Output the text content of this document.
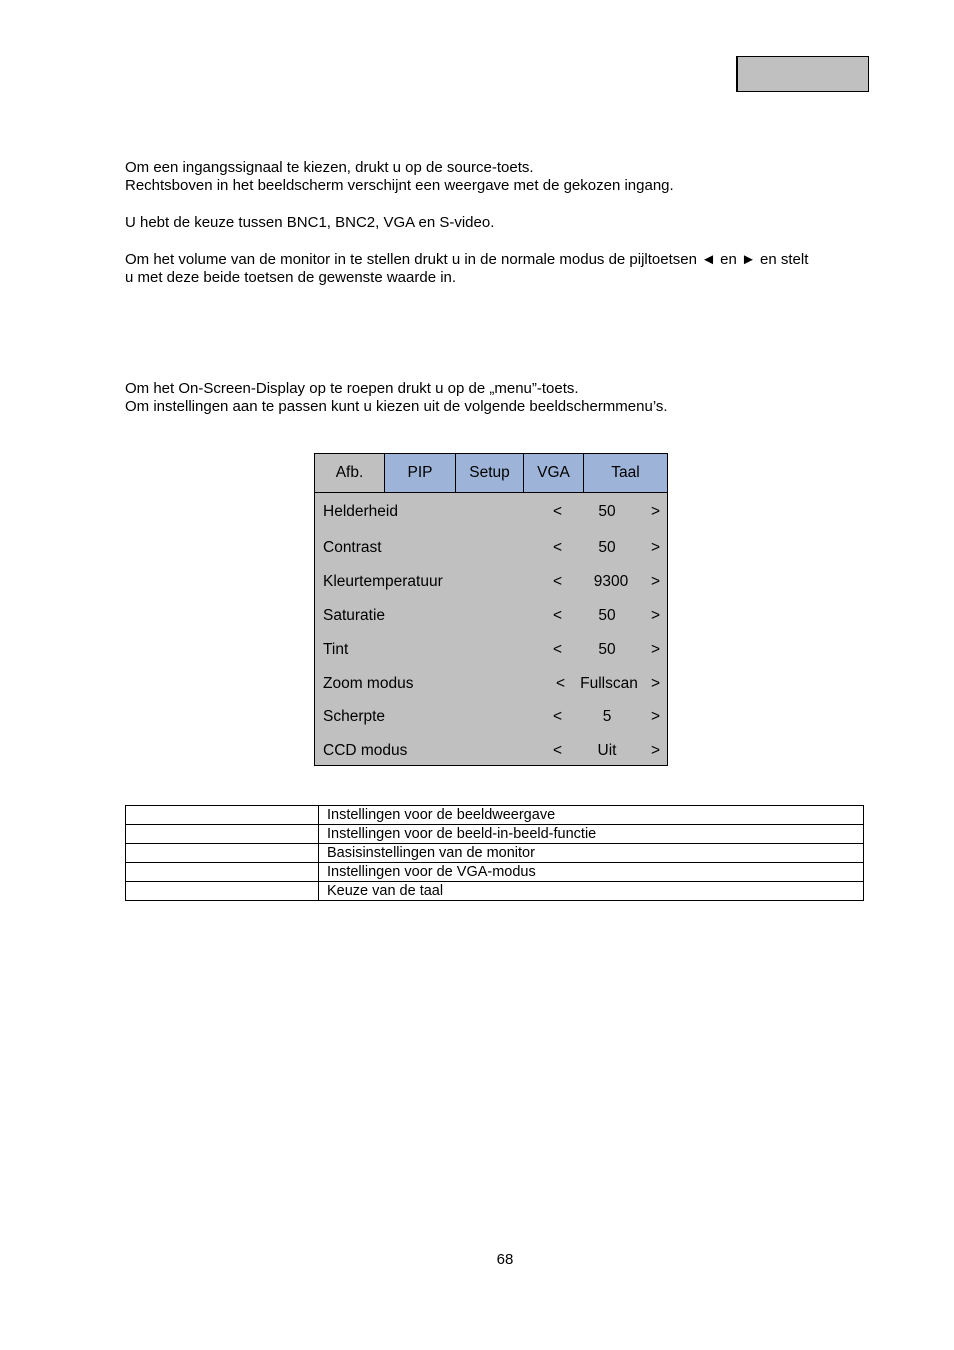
Om een ingangssignaal te kiezen, drukt u op de source-toets.
Rechtsboven in het beeldscherm verschijnt een weergave met de gekozen ingang.
U hebt de keuze tussen BNC1, BNC2, VGA en S-video.
Om het volume van de monitor in te stellen drukt u in de normale modus de pijltoetsen ◄ en ► en stelt
u met deze beide toetsen de gewenste waarde in.
Om het On-Screen-Display op te roepen drukt u op de „menu”-toets.
Om instellingen aan te passen kunt u kiezen uit de volgende beeldschermmenu’s.
Afb.	PIP	Setup	VGA	Taal
Helderheid	<	50	>
Contrast	<	50	>
Kleurtemperatuur	<	9300	>
Saturatie	<	50	>
Tint	<	50	>
Zoom modus	< Fullscan >
Scherpte	<	5	>
CCD modus	<	Uit	>
	Instellingen voor de beeldweergave
	Instellingen voor de beeld-in-beeld-functie
	Basisinstellingen van de monitor
	Instellingen voor de VGA-modus
	Keuze van de taal
68
